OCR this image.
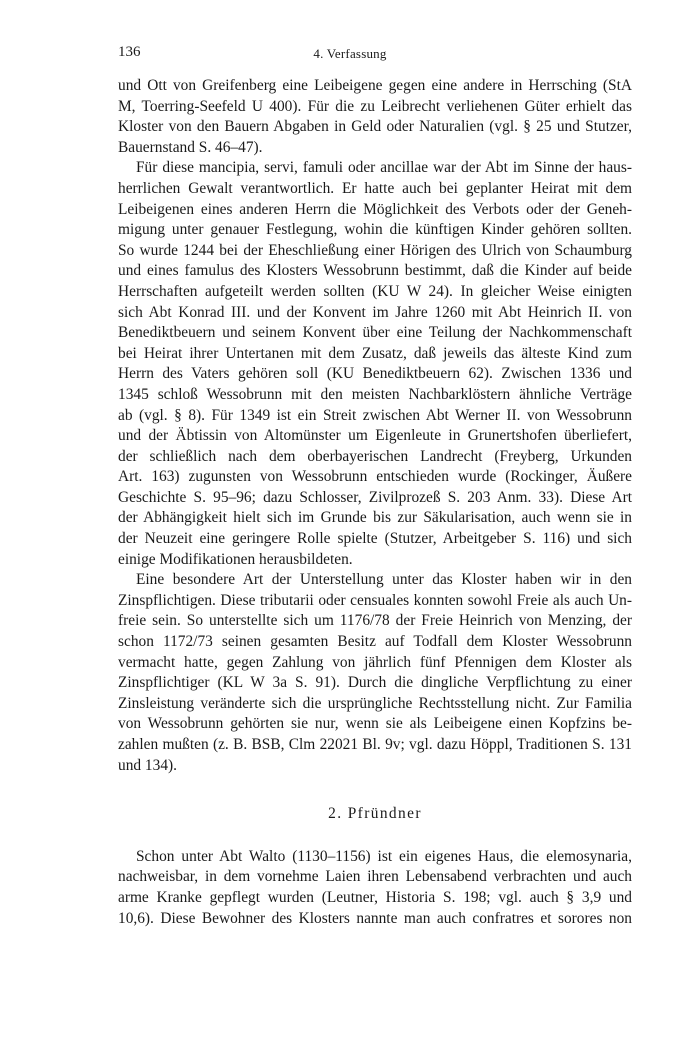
136	4. Verfassung
und Ott von Greifenberg eine Leibeigene gegen eine andere in Herrsching (StA
M, Toerring-Seefeld U 400). Für die zu Leibrecht verliehenen Güter erhielt das
Kloster von den Bauern Abgaben in Geld oder Naturalien (vgl. § 25 und Stutzer,
Bauernstand S. 46–47).
Für diese mancipia, servi, famuli oder ancillae war der Abt im Sinne der haus-
herrlichen Gewalt verantwortlich. Er hatte auch bei geplanter Heirat mit dem
Leibeigenen eines anderen Herrn die Möglichkeit des Verbots oder der Geneh-
migung unter genauer Festlegung, wohin die künftigen Kinder gehören sollten.
So wurde 1244 bei der Eheschließung einer Hörigen des Ulrich von Schaumburg
und eines famulus des Klosters Wessobrunn bestimmt, daß die Kinder auf beide
Herrschaften aufgeteilt werden sollten (KU W 24). In gleicher Weise einigten
sich Abt Konrad III. und der Konvent im Jahre 1260 mit Abt Heinrich II. von
Benediktbeuern und seinem Konvent über eine Teilung der Nachkommenschaft
bei Heirat ihrer Untertanen mit dem Zusatz, daß jeweils das älteste Kind zum
Herrn des Vaters gehören soll (KU Benediktbeuern 62). Zwischen 1336 und
1345 schloß Wessobrunn mit den meisten Nachbarklöstern ähnliche Verträge
ab (vgl. § 8). Für 1349 ist ein Streit zwischen Abt Werner II. von Wessobrunn
und der Äbtissin von Altomünster um Eigenleute in Grunertshofen überliefert,
der schließlich nach dem oberbayerischen Landrecht (Freyberg, Urkunden
Art. 163) zugunsten von Wessobrunn entschieden wurde (Rockinger, Äußere
Geschichte S. 95–96; dazu Schlosser, Zivilprozeß S. 203 Anm. 33). Diese Art
der Abhängigkeit hielt sich im Grunde bis zur Säkularisation, auch wenn sie in
der Neuzeit eine geringere Rolle spielte (Stutzer, Arbeitgeber S. 116) und sich
einige Modifikationen herausbildeten.
Eine besondere Art der Unterstellung unter das Kloster haben wir in den
Zinspflichtigen. Diese tributarii oder censuales konnten sowohl Freie als auch Un-
freie sein. So unterstellte sich um 1176/78 der Freie Heinrich von Menzing, der
schon 1172/73 seinen gesamten Besitz auf Todfall dem Kloster Wessobrunn
vermacht hatte, gegen Zahlung von jährlich fünf Pfennigen dem Kloster als
Zinspflichtiger (KL W 3a S. 91). Durch die dingliche Verpflichtung zu einer
Zinsleistung veränderte sich die ursprüngliche Rechtsstellung nicht. Zur Familia
von Wessobrunn gehörten sie nur, wenn sie als Leibeigene einen Kopfzins be-
zahlen mußten (z. B. BSB, Clm 22021 Bl. 9v; vgl. dazu Höppl, Traditionen S. 131
und 134).
2. Pfründner
Schon unter Abt Walto (1130–1156) ist ein eigenes Haus, die elemosynaria,
nachweisbar, in dem vornehme Laien ihren Lebensabend verbrachten und auch
arme Kranke gepflegt wurden (Leutner, Historia S. 198; vgl. auch § 3,9 und
10,6). Diese Bewohner des Klosters nannte man auch confratres et sorores non
